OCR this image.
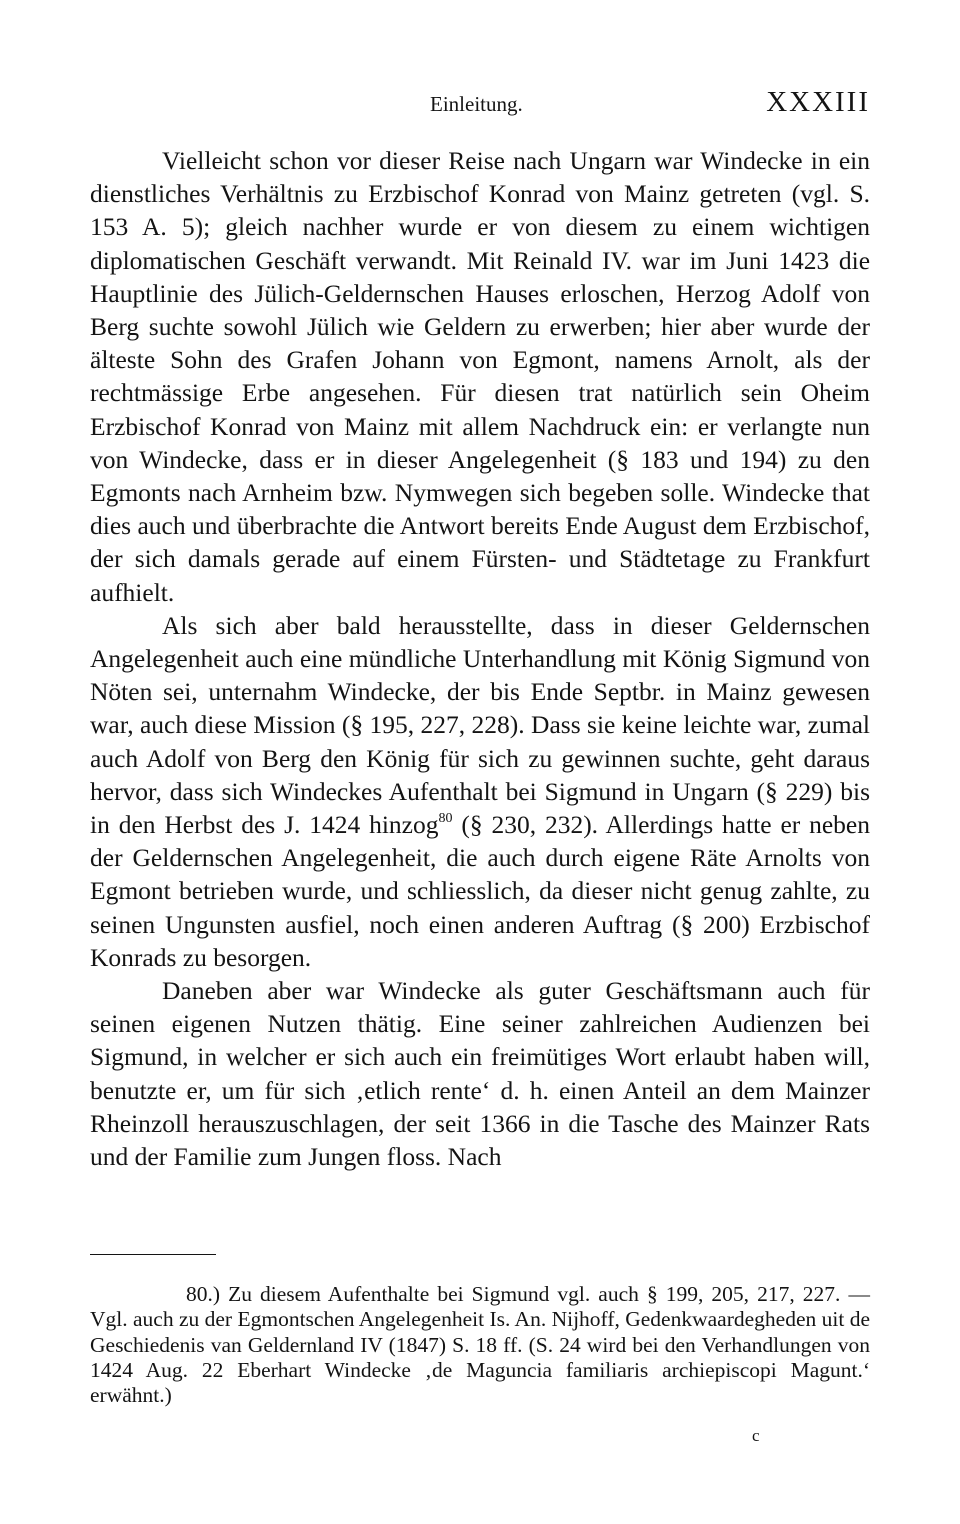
Einleitung.	XXXIII

Vielleicht schon vor dieser Reise nach Ungarn war Windecke in ein dienstliches Verhältnis zu Erzbischof Konrad von Mainz getreten (vgl. S. 153 A. 5); gleich nachher wurde er von diesem zu einem wichtigen diplomatischen Geschäft verwandt. Mit Reinald IV. war im Juni 1423 die Hauptlinie des Jülich-Geldernschen Hauses erloschen, Herzog Adolf von Berg suchte sowohl Jülich wie Geldern zu erwerben; hier aber wurde der älteste Sohn des Grafen Johann von Egmont, namens Arnolt, als der rechtmässige Erbe angesehen. Für diesen trat natürlich sein Oheim Erzbischof Konrad von Mainz mit allem Nachdruck ein: er verlangte nun von Windecke, dass er in dieser Angelegenheit (§ 183 und 194) zu den Egmonts nach Arnheim bzw. Nymwegen sich begeben solle. Windecke that dies auch und überbrachte die Antwort bereits Ende August dem Erzbischof, der sich damals gerade auf einem Fürsten- und Städtetage zu Frankfurt aufhielt.

Als sich aber bald herausstellte, dass in dieser Geldernschen Angelegenheit auch eine mündliche Unterhandlung mit König Sigmund von Nöten sei, unternahm Windecke, der bis Ende Septbr. in Mainz gewesen war, auch diese Mission (§ 195, 227, 228). Dass sie keine leichte war, zumal auch Adolf von Berg den König für sich zu gewinnen suchte, geht daraus hervor, dass sich Windeckes Aufenthalt bei Sigmund in Ungarn (§ 229) bis in den Herbst des J. 1424 hinzog$^{80}$ (§ 230, 232). Allerdings hatte er neben der Geldernschen Angelegenheit, die auch durch eigene Räte Arnolts von Egmont betrieben wurde, und schliesslich, da dieser nicht genug zahlte, zu seinen Ungunsten ausfiel, noch einen anderen Auftrag (§ 200) Erzbischof Konrads zu besorgen.

Daneben aber war Windecke als guter Geschäftsmann auch für seinen eigenen Nutzen thätig. Eine seiner zahlreichen Audienzen bei Sigmund, in welcher er sich auch ein freimütiges Wort erlaubt haben will, benutzte er, um für sich ‚etlich rente‘ d. h. einen Anteil an dem Mainzer Rheinzoll herauszuschlagen, der seit 1366 in die Tasche des Mainzer Rats und der Familie zum Jungen floss. Nach

80.) Zu diesem Aufenthalte bei Sigmund vgl. auch § 199, 205, 217, 227. — Vgl. auch zu der Egmontschen Angelegenheit Is. An. Nijhoff, Gedenkwaardegheden uit de Geschiedenis van Geldernland IV (1847) S. 18 ff. (S. 24 wird bei den Verhandlungen von 1424 Aug. 22 Eberhart Windecke ‚de Maguncia familiaris archiepiscopi Magunt.‘ erwähnt.)

c
